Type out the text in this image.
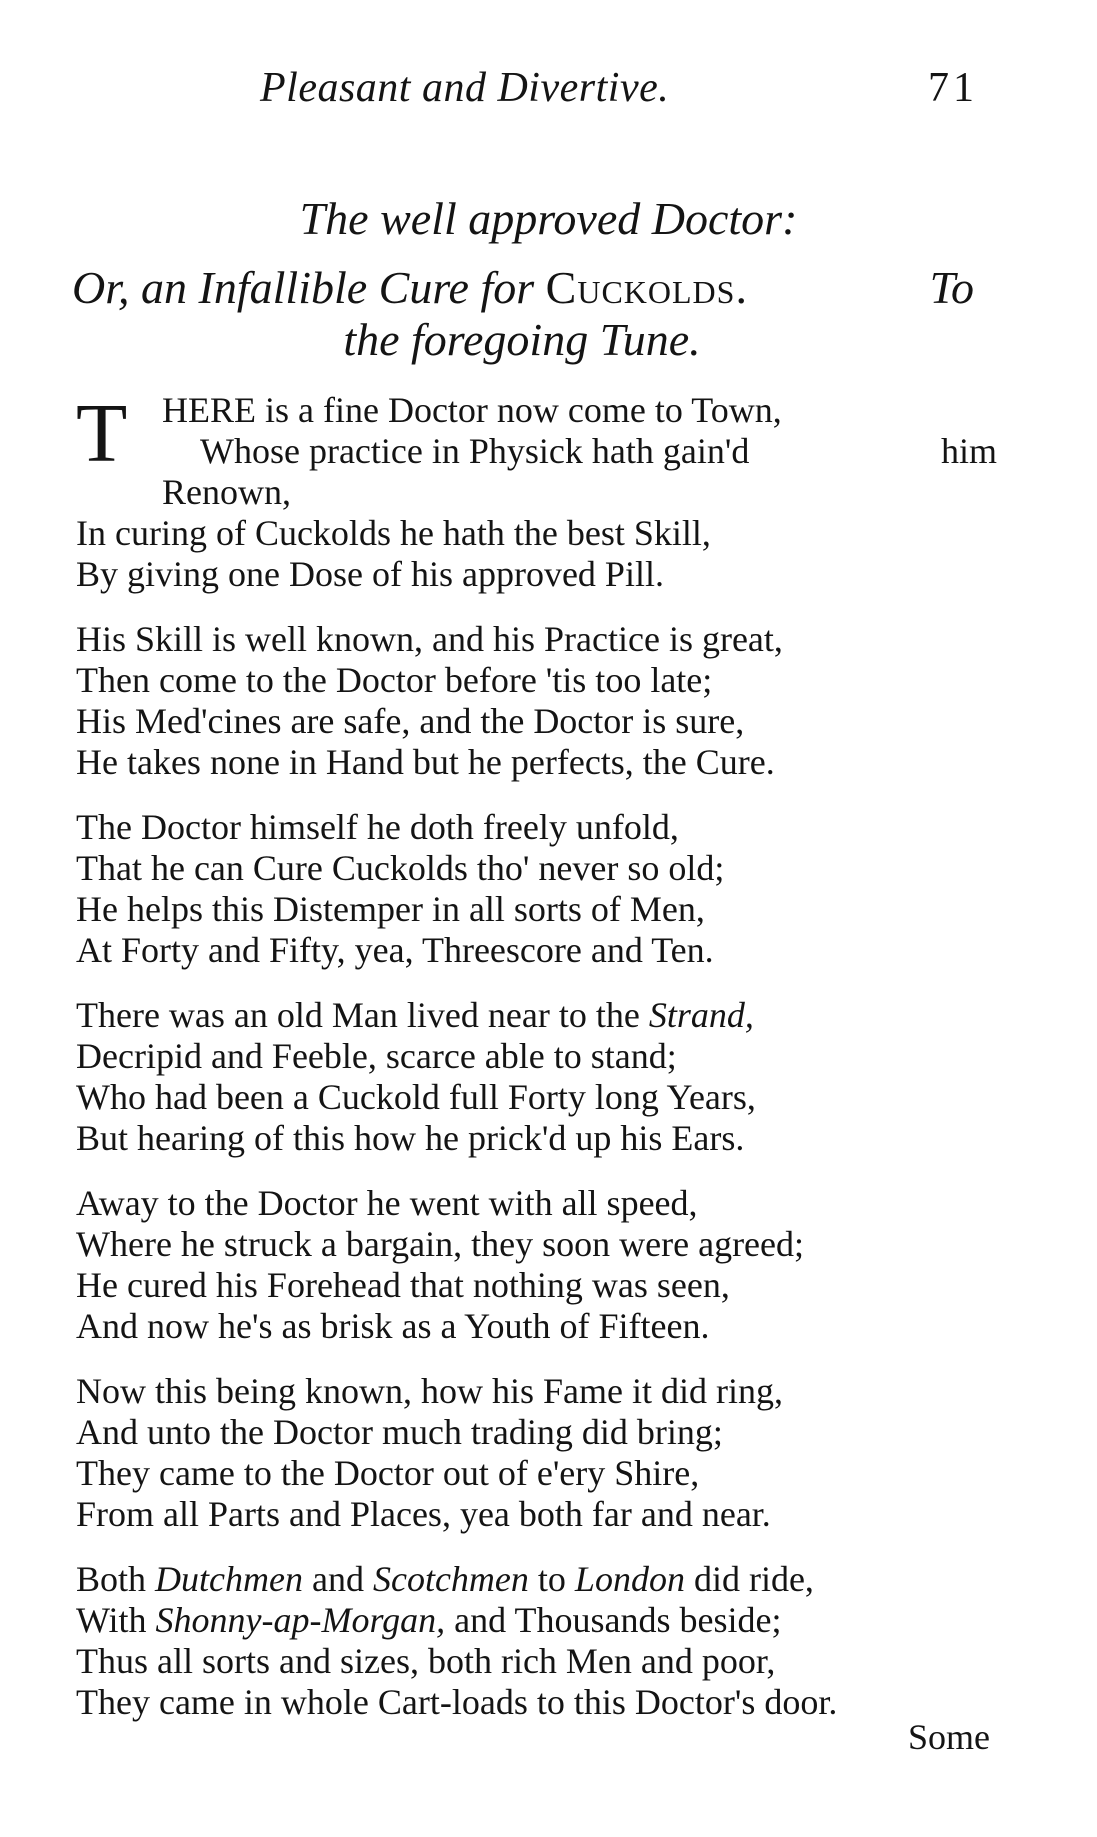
Pleasant and Divertive.	71
The well approved Doctor:
Or, an Infallible Cure for Cuckolds.	To
the foregoing Tune.
T HERE is a fine Doctor now come to Town,
Whose practice in Physick hath gain'd	him
Renown,
In curing of Cuckolds he hath the best Skill,
By giving one Dose of his approved Pill.
His Skill is well known, and his Practice is great,
Then come to the Doctor before 'tis too late;
His Med'cines are safe, and the Doctor is sure,
He takes none in Hand but he perfects, the Cure.
The Doctor himself he doth freely unfold,
That he can Cure Cuckolds tho' never so old;
He helps this Distemper in all sorts of Men,
At Forty and Fifty, yea, Threescore and Ten.
There was an old Man lived near to the Strand,
Decripid and Feeble, scarce able to stand;
Who had been a Cuckold full Forty long Years,
But hearing of this how he prick'd up his Ears.
Away to the Doctor he went with all speed,
Where he struck a bargain, they soon were agreed;
He cured his Forehead that nothing was seen,
And now he's as brisk as a Youth of Fifteen.
Now this being known, how his Fame it did ring,
And unto the Doctor much trading did bring;
They came to the Doctor out of e'ery Shire,
From all Parts and Places, yea both far and near.
Both Dutchmen and Scotchmen to London did ride,
With Shonny-ap-Morgan, and Thousands beside;
Thus all sorts and sizes, both rich Men and poor,
They came in whole Cart-loads to this Doctor's door.
Some
